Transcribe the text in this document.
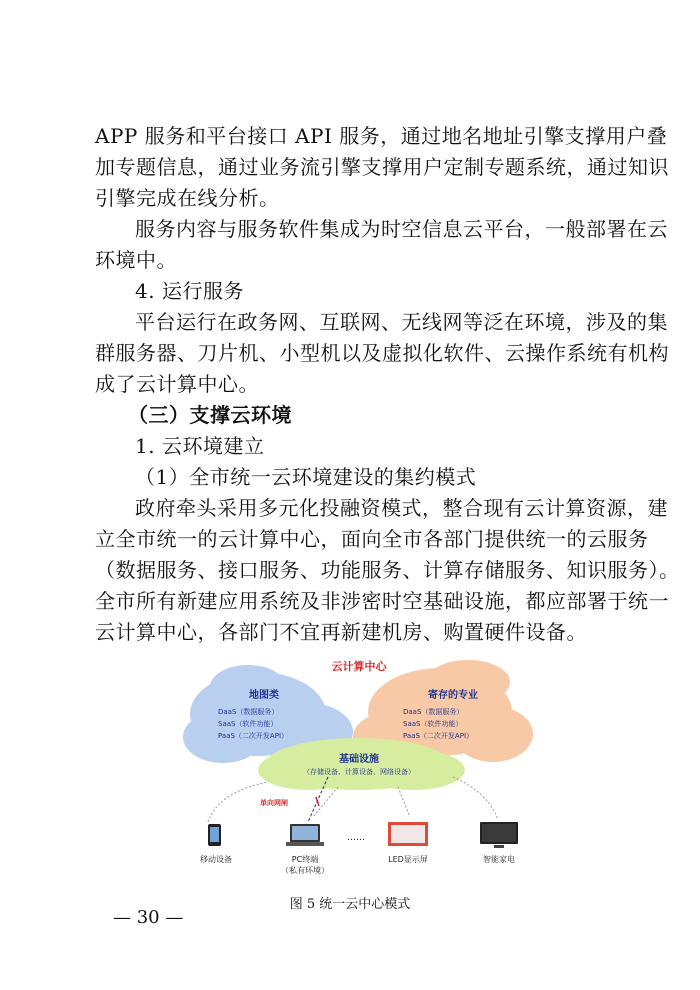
APP 服务和平台接口 API 服务，通过地名地址引擎支撑用户叠
加专题信息，通过业务流引擎支撑用户定制专题系统，通过知识
引擎完成在线分析。
服务内容与服务软件集成为时空信息云平台，一般部署在云
环境中。
4. 运行服务
平台运行在政务网、互联网、无线网等泛在环境，涉及的集
群服务器、刀片机、小型机以及虚拟化软件、云操作系统有机构
成了云计算中心。
（三）支撑云环境
1. 云环境建立
（1）全市统一云环境建设的集约模式
政府牵头采用多元化投融资模式，整合现有云计算资源，建
立全市统一的云计算中心，面向全市各部门提供统一的云服务
（数据服务、接口服务、功能服务、计算存储服务、知识服务）。
全市所有新建应用系统及非涉密时空基础设施，都应部署于统一
云计算中心，各部门不宜再新建机房、购置硬件设备。
云计算中心
地图类
DaaS（数据服务）
SaaS（软件功能）
PaaS（二次开发API）
寄存的专业
DaaS（数据服务）
SaaS（软件功能）
PaaS（二次开发API）
基础设施
（存储设备、计算设备、网络设备）
单向网闸
移动设备	PC终端
（私有环境）
……
LED显示屏	智能家电
图 5 统一云中心模式
— 30 —
